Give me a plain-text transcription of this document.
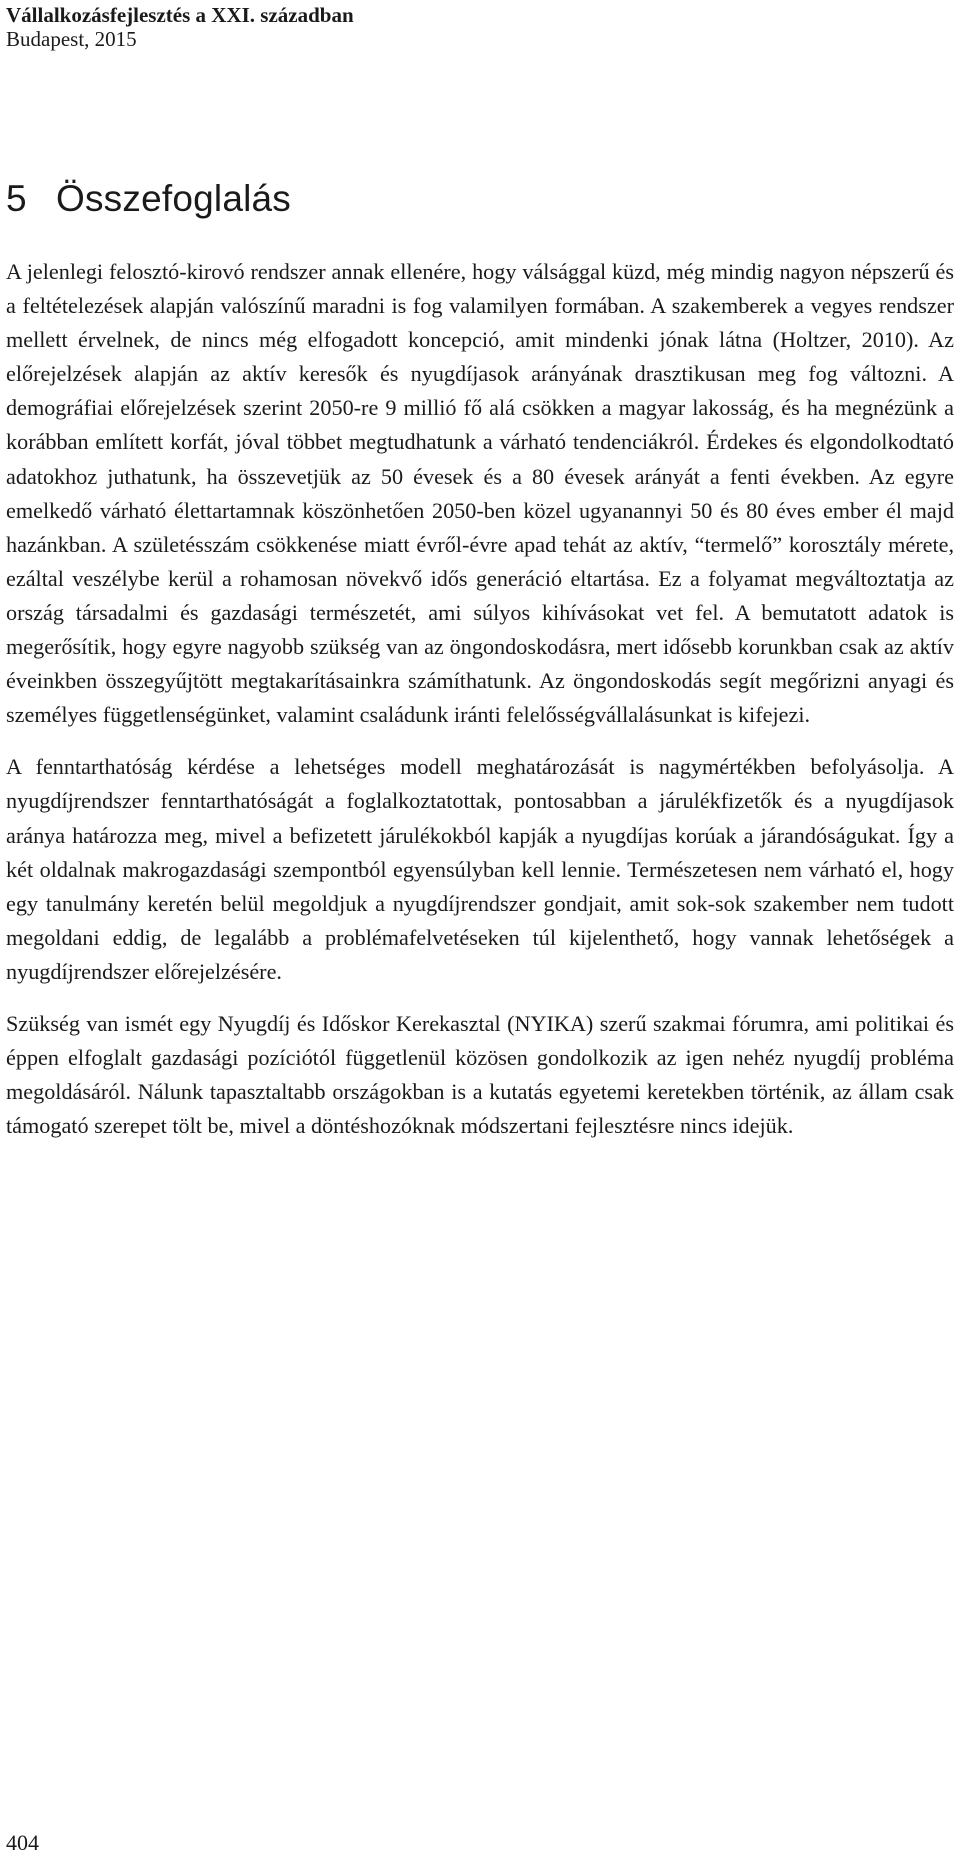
Vállalkozásfejlesztés a XXI. században
Budapest, 2015
5 Összefoglalás

A jelenlegi felosztó-kirovó rendszer annak ellenére, hogy válsággal küzd, még mindig nagyon népszerű és a feltételezések alapján valószínű maradni is fog valamilyen formában. A szakemberek a vegyes rendszer mellett érvelnek, de nincs még elfogadott koncepció, amit mindenki jónak látna (Holtzer, 2010). Az előrejelzések alapján az aktív keresők és nyugdíjasok arányának drasztikusan meg fog változni. A demográfiai előrejelzések szerint 2050-re 9 millió fő alá csökken a magyar lakosság, és ha megnézünk a korábban említett korfát, jóval többet megtudhatunk a várható tendenciákról. Érdekes és elgondolkodtató adatokhoz juthatunk, ha összevetjük az 50 évesek és a 80 évesek arányát a fenti években. Az egyre emelkedő várható élettartamnak köszönhetően 2050-ben közel ugyanannyi 50 és 80 éves ember él majd hazánkban. A születésszám csökkenése miatt évről-évre apad tehát az aktív, “termelő” korosztály mérete, ezáltal veszélybe kerül a rohamosan növekvő idős generáció eltartása. Ez a folyamat megváltoztatja az ország társadalmi és gazdasági természetét, ami súlyos kihívásokat vet fel. A bemutatott adatok is megerősítik, hogy egyre nagyobb szükség van az öngondoskodásra, mert idősebb korunkban csak az aktív éveinkben összegyűjtött megtakarításainkra számíthatunk. Az öngondoskodás segít megőrizni anyagi és személyes függetlenségünket, valamint családunk iránti felelősségvállalásunkat is kifejezi.

A fenntarthatóság kérdése a lehetséges modell meghatározását is nagymértékben befolyásolja. A nyugdíjrendszer fenntarthatóságát a foglalkoztatottak, pontosabban a járulékfizetők és a nyugdíjasok aránya határozza meg, mivel a befizetett járulékokból kapják a nyugdíjas korúak a járandóságukat. Így a két oldalnak makrogazdasági szempontból egyensúlyban kell lennie. Természetesen nem várható el, hogy egy tanulmány keretén belül megoldjuk a nyugdíjrendszer gondjait, amit sok-sok szakember nem tudott megoldani eddig, de legalább a problémafelvetéseken túl kijelenthető, hogy vannak lehetőségek a nyugdíjrendszer előrejelzésére.

Szükség van ismét egy Nyugdíj és Időskor Kerekasztal (NYIKA) szerű szakmai fórumra, ami politikai és éppen elfoglalt gazdasági pozíciótól függetlenül közösen gondolkozik az igen nehéz nyugdíj probléma megoldásáról. Nálunk tapasztaltabb országokban is a kutatás egyetemi keretekben történik, az állam csak támogató szerepet tölt be, mivel a döntéshozóknak módszertani fejlesztésre nincs idejük.

404
